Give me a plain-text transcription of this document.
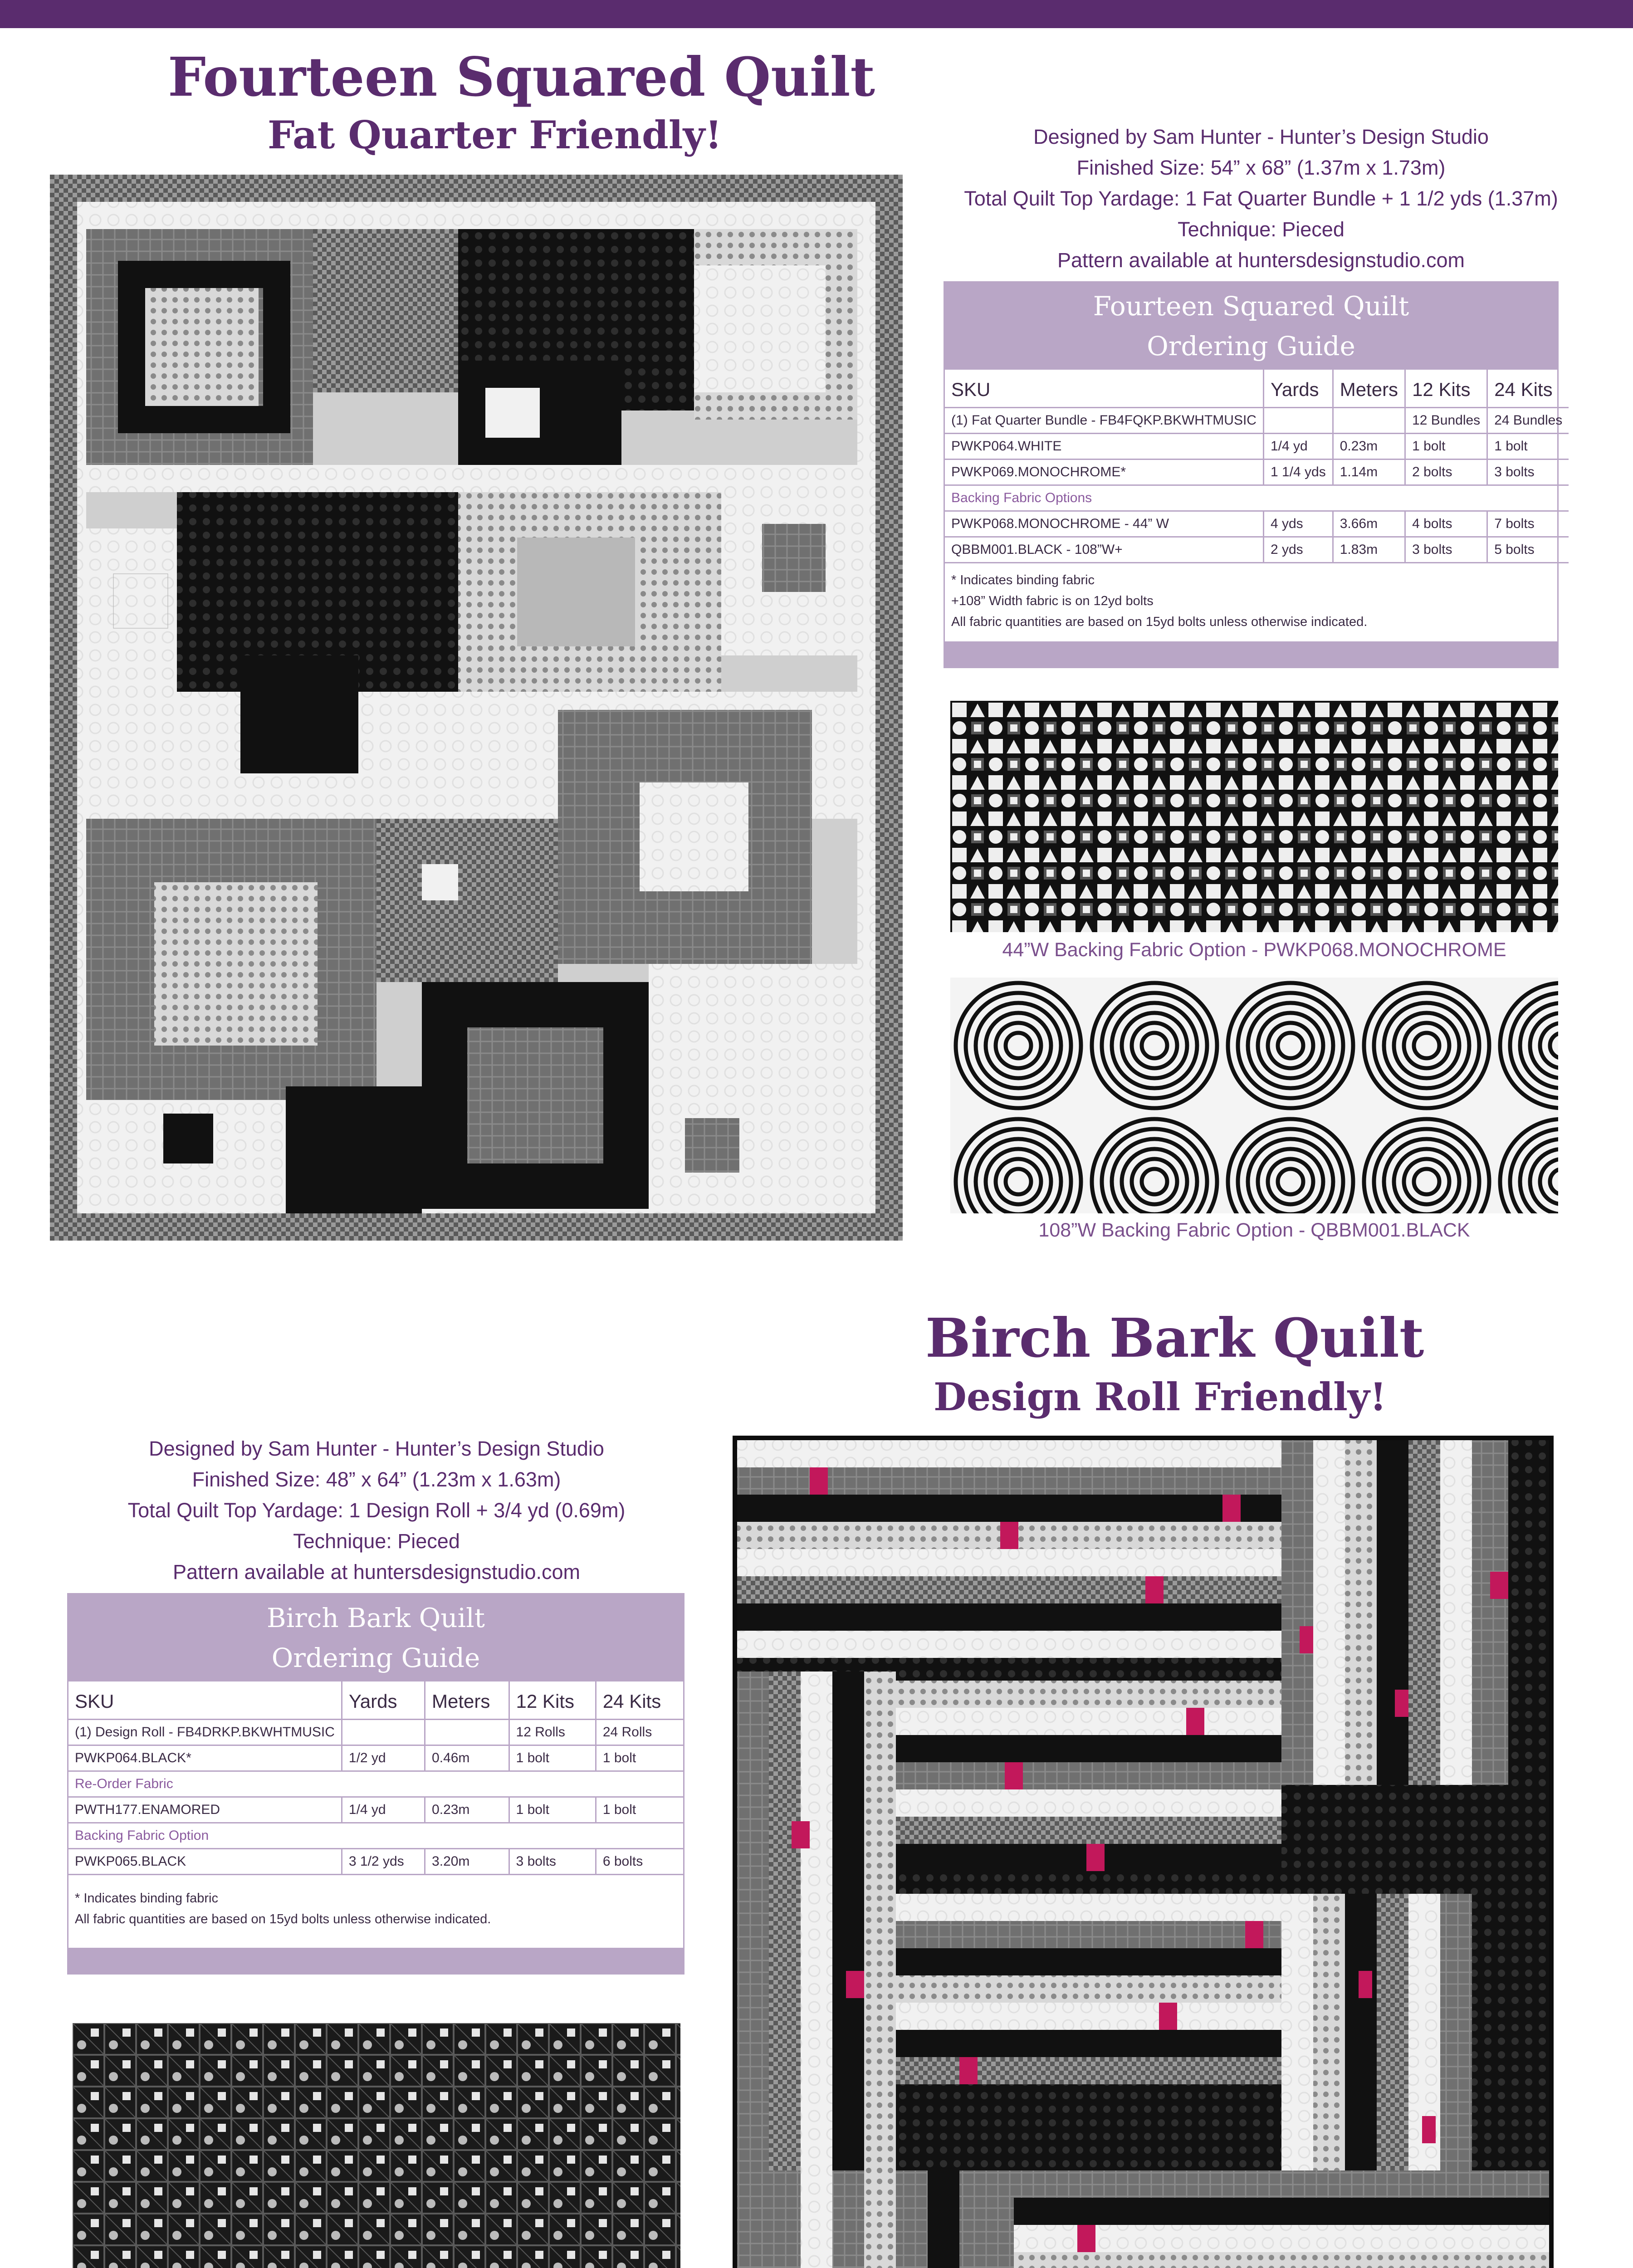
Fourteen Squared Quilt
Fat Quarter Friendly!	Designed by Sam Hunter - Hunter’s Design Studio
Finished Size: 54” x 68” (1.37m x 1.73m)
Total Quilt Top Yardage: 1 Fat Quarter Bundle + 1 1/2 yds (1.37m)
Technique: Pieced
Pattern available at huntersdesignstudio.com
Fourteen Squared Quilt
Ordering Guide
SKU	Yards	Meters	12 Kits	24 Kits
(1) Fat Quarter Bundle - FB4FQKP.BKWHTMUSIC			12 Bundles	24 Bundles
PWKP064.WHITE	1/4 yd	0.23m	1 bolt	1 bolt
PWKP069.MONOCHROME*	1 1/4 yds	1.14m	2 bolts	3 bolts
Backing Fabric Options				
PWKP068.MONOCHROME - 44” W	4 yds	3.66m	4 bolts	7 bolts
QBBM001.BLACK - 108”W+	2 yds	1.83m	3 bolts	5 bolts
* Indicates binding fabric
+108” Width fabric is on 12yd bolts
All fabric quantities are based on 15yd bolts unless otherwise indicated.
44”W Backing Fabric Option - PWKP068.MONOCHROME
108”W Backing Fabric Option - QBBM001.BLACK
Birch Bark Quilt
Design Roll Friendly!
Designed by Sam Hunter - Hunter’s Design Studio
Finished Size: 48” x 64” (1.23m x 1.63m)
Total Quilt Top Yardage: 1 Design Roll + 3/4 yd (0.69m)
Technique: Pieced
Pattern available at huntersdesignstudio.com
Birch Bark Quilt
Ordering Guide
SKU	Yards	Meters	12 Kits	24 Kits
(1) Design Roll - FB4DRKP.BKWHTMUSIC			12 Rolls	24 Rolls
PWKP064.BLACK*	1/2 yd	0.46m	1 bolt	1 bolt
Re-Order Fabric				
PWTH177.ENAMORED	1/4 yd	0.23m	1 bolt	1 bolt
Backing Fabric Option				
PWKP065.BLACK	3 1/2 yds	3.20m	3 bolts	6 bolts
* Indicates binding fabric
All fabric quantities are based on 15yd bolts unless otherwise indicated.
